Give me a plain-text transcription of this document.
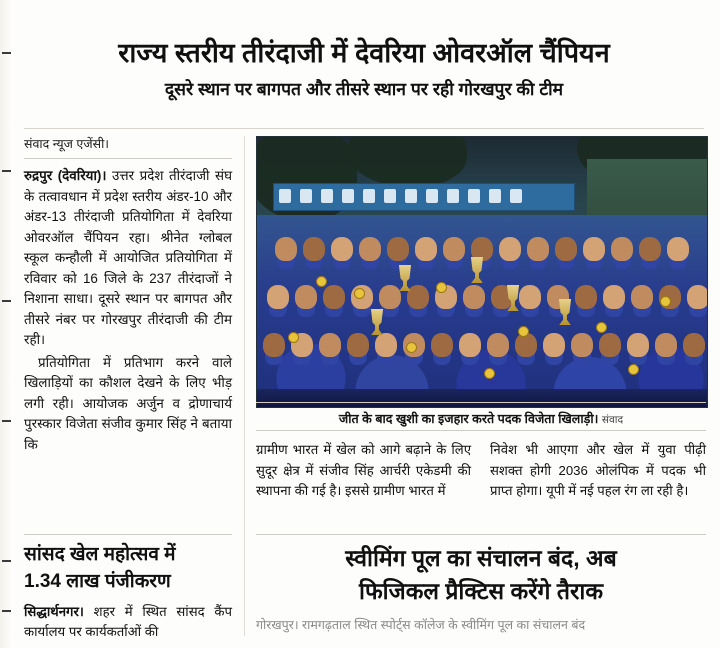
राज्य स्तरीय तीरंदाजी में देवरिया ओवरऑल चैंपियन
दूसरे स्थान पर बागपत और तीसरे स्थान पर रही गोरखपुर की टीम
संवाद न्यूज एजेंसी।
रुद्रपुर (देवरिया)। उत्तर प्रदेश तीरंदाजी संघ के तत्वावधान में प्रदेश स्तरीय अंडर-10 और अंडर-13 तीरंदाजी प्रतियोगिता में देवरिया ओवरऑल चैंपियन रहा। श्रीनेत ग्लोबल स्कूल कन्हौली में आयोजित प्रतियोगिता में रविवार को 16 जिले के 237 तीरंदाजों ने निशाना साधा। दूसरे स्थान पर बागपत और तीसरे नंबर पर गोरखपुर तीरंदाजी की टीम रही।
प्रतियोगिता में प्रतिभाग करने वाले खिलाड़ियों का कौशल देखने के लिए भीड़ लगी रही। आयोजक अर्जुन व द्रोणाचार्य पुरस्कार विजेता संजीव कुमार सिंह ने बताया कि
जीत के बाद खुशी का इजहार करते पदक विजेता खिलाड़ी। संवाद
ग्रामीण भारत में खेल को आगे बढ़ाने के लिए सुदूर क्षेत्र में संजीव सिंह आर्चरी एकेडमी की स्थापना की गई है। इससे ग्रामीण भारत में
निवेश भी आएगा और खेल में युवा पीढ़ी सशक्त होगी 2036 ओलंपिक में पदक भी प्राप्त होगा। यूपी में नई पहल रंग ला रही है।
सांसद खेल महोत्सव में
1.34 लाख पंजीकरण
सिद्धार्थनगर। शहर में स्थित सांसद कैंप कार्यालय पर कार्यकर्ताओं की
स्वीमिंग पूल का संचालन बंद, अब
फिजिकल प्रैक्टिस करेंगे तैराक
गोरखपुर। रामगढ़ताल स्थित स्पोर्ट्स कॉलेज के स्वीमिंग पूल का संचालन बंद
